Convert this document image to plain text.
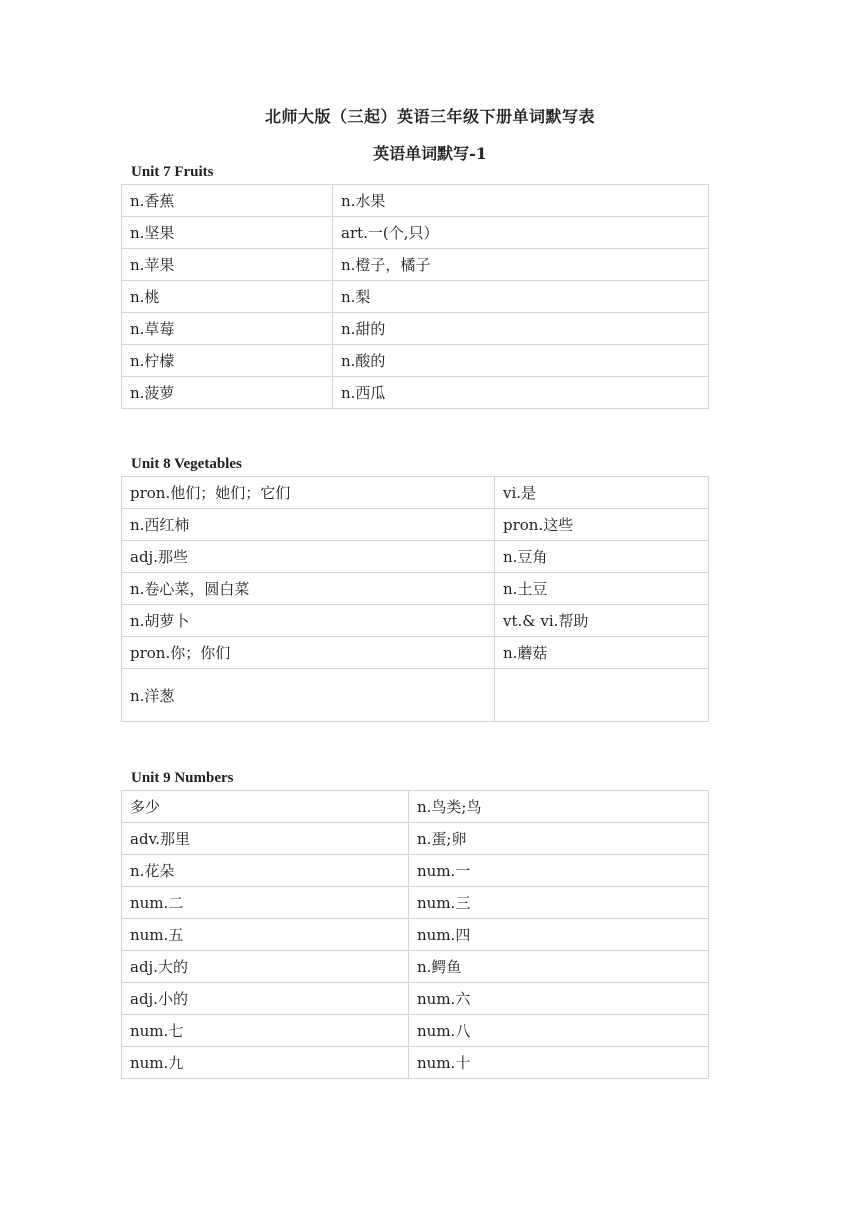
北师大版（三起）英语三年级下册单词默写表
英语单词默写-1
Unit 7 Fruits
n.香蕉	n.水果
n.坚果	art.一(个,只）
n.苹果	n.橙子，橘子
n.桃	n.梨
n.草莓	n.甜的
n.柠檬	n.酸的
n.菠萝	n.西瓜
Unit 8 Vegetables
pron.他们；她们；它们	vi.是
n.西红柿	pron.这些
adj.那些	n.豆角
n.卷心菜，圆白菜	n.土豆
n.胡萝卜	vt.& vi.帮助
pron.你；你们	n.蘑菇
n.洋葱	
Unit 9 Numbers
多少	n.鸟类;鸟
adv.那里	n.蛋;卵
n.花朵	num.一
num.二	num.三
num.五	num.四
adj.大的	n.鳄鱼
adj.小的	num.六
num.七	num.八
num.九	num.十
